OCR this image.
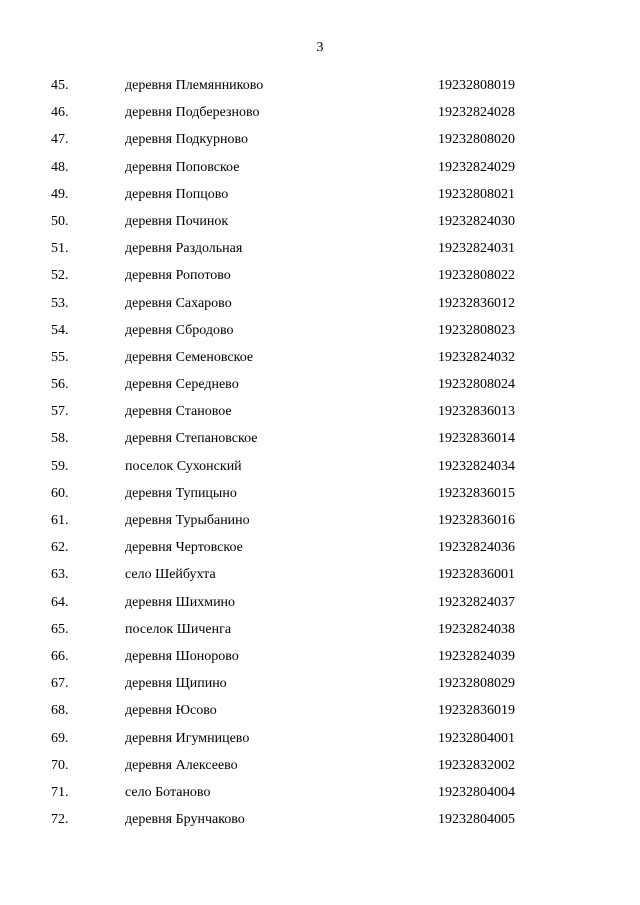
3
45.	деревня Племянниково	19232808019
46.	деревня Подберезново	19232824028
47.	деревня Подкурново	19232808020
48.	деревня Поповское	19232824029
49.	деревня Попцово	19232808021
50.	деревня Починок	19232824030
51.	деревня Раздольная	19232824031
52.	деревня Ропотово	19232808022
53.	деревня Сахарово	19232836012
54.	деревня Сбродово	19232808023
55.	деревня Семеновское	19232824032
56.	деревня Середнево	19232808024
57.	деревня Становое	19232836013
58.	деревня Степановское	19232836014
59.	поселок Сухонский	19232824034
60.	деревня Тупицыно	19232836015
61.	деревня Турыбанино	19232836016
62.	деревня Чертовское	19232824036
63.	село Шейбухта	19232836001
64.	деревня Шихмино	19232824037
65.	поселок Шиченга	19232824038
66.	деревня Шонорово	19232824039
67.	деревня Щипино	19232808029
68.	деревня Юсово	19232836019
69.	деревня Игумницево	19232804001
70.	деревня Алексеево	19232832002
71.	село Ботаново	19232804004
72.	деревня Брунчаково	19232804005
